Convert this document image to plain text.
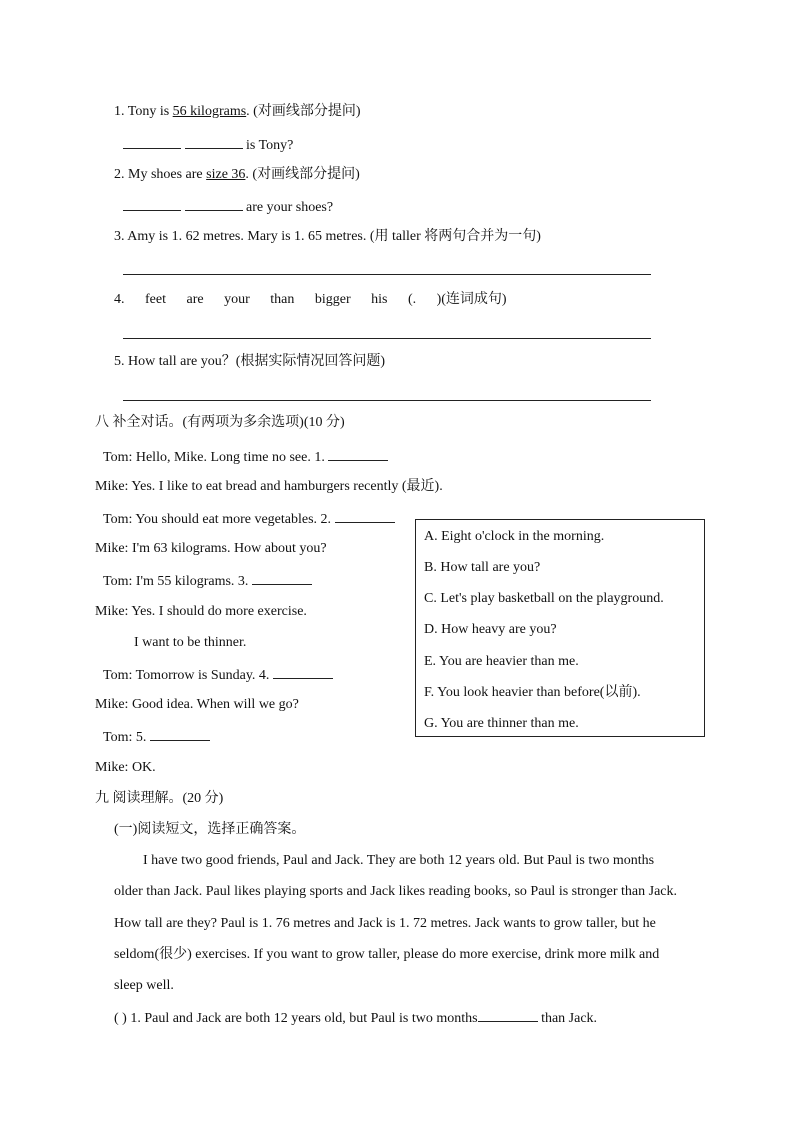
1. Tony is 56 kilograms. (对画线部分提问)
is Tony?
2. My shoes are size 36. (对画线部分提问)
are your shoes?
3. Amy is 1. 62 metres. Mary is 1. 65 metres. (用 taller 将两句合并为一句)
4. feet are your than bigger his (. )(连词成句)
5. How tall are you？(根据实际情况回答问题)
八 补全对话。(有两项为多余选项)(10 分)
Tom: Hello, Mike. Long time no see. 1.
Mike: Yes. I like to eat bread and hamburgers recently (最近).
Tom: You should eat more vegetables. 2.
Mike: I'm 63 kilograms. How about you?
Tom: I'm 55 kilograms. 3.
Mike: Yes. I should do more exercise.
I want to be thinner.
Tom: Tomorrow is Sunday. 4.
Mike: Good idea. When will we go?
Tom: 5.
Mike: OK.
A. Eight o'clock in the morning.
B. How tall are you?
C. Let's play basketball on the playground.
D. How heavy are you?
E. You are heavier than me.
F. You look heavier than before(以前).
G. You are thinner than me.
九 阅读理解。(20 分)
(一)阅读短文，选择正确答案。
I have two good friends, Paul and Jack. They are both 12 years old. But Paul is two months
older than Jack. Paul likes playing sports and Jack likes reading books, so Paul is stronger than Jack.
How tall are they? Paul is 1. 76 metres and Jack is 1. 72 metres. Jack wants to grow taller, but he
seldom(很少) exercises. If you want to grow taller, please do more exercise, drink more milk and
sleep well.
( ) 1. Paul and Jack are both 12 years old, but Paul is two months	than Jack.
